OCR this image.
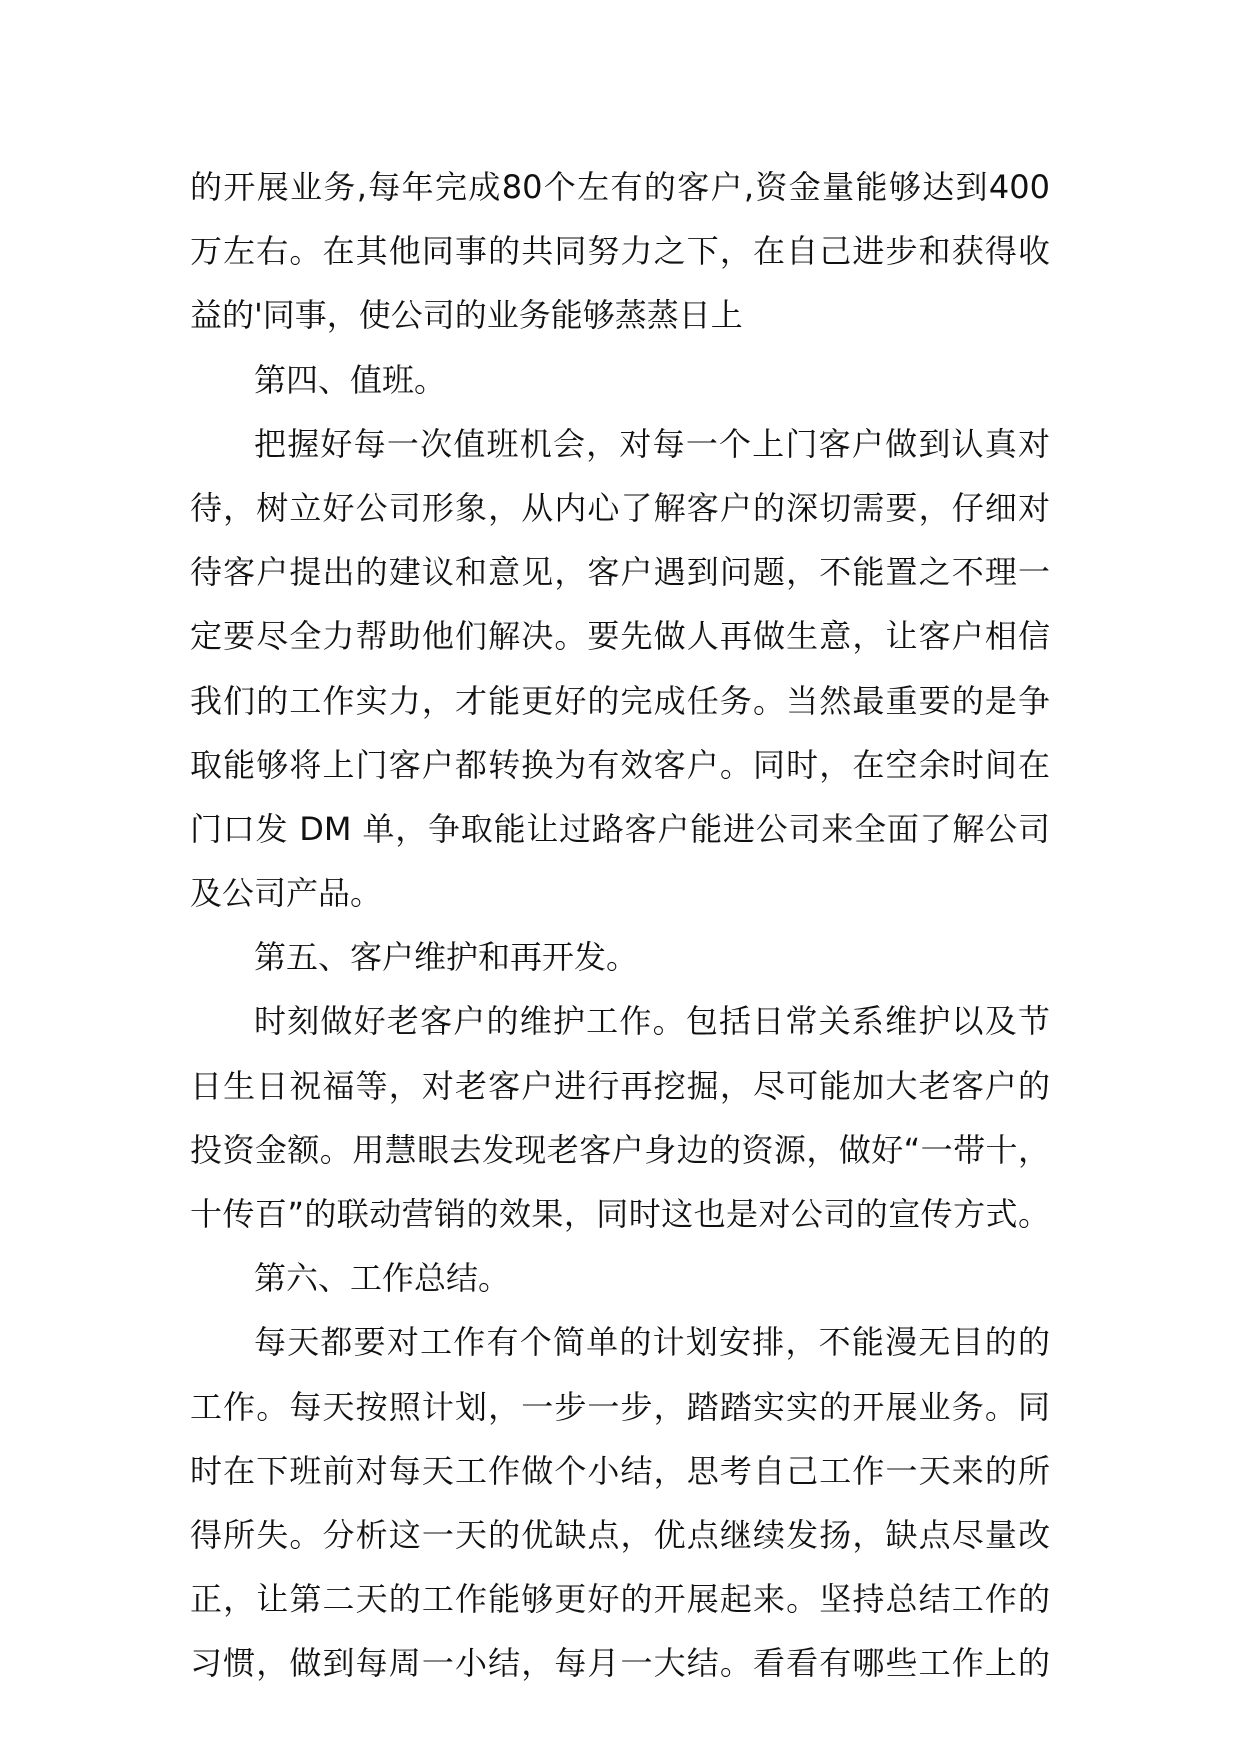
的开展业务,每年完成80个左有的客户,资金量能够达到400
万左右。在其他同事的共同努力之下，在自己进步和获得收
益的'同事，使公司的业务能够蒸蒸日上
第四、值班。
把握好每一次值班机会，对每一个上门客户做到认真对
待，树立好公司形象，从内心了解客户的深切需要，仔细对
待客户提出的建议和意见，客户遇到问题，不能置之不理一
定要尽全力帮助他们解决。要先做人再做生意，让客户相信
我们的工作实力，才能更好的完成任务。当然最重要的是争
取能够将上门客户都转换为有效客户。同时，在空余时间在
门口发 DM 单，争取能让过路客户能进公司来全面了解公司
及公司产品。
第五、客户维护和再开发。
时刻做好老客户的维护工作。包括日常关系维护以及节
日生日祝福等，对老客户进行再挖掘，尽可能加大老客户的
投资金额。用慧眼去发现老客户身边的资源，做好“一带十，
十传百”的联动营销的效果，同时这也是对公司的宣传方式。
第六、工作总结。
每天都要对工作有个简单的计划安排，不能漫无目的的
工作。每天按照计划，一步一步，踏踏实实的开展业务。同
时在下班前对每天工作做个小结，思考自己工作一天来的所
得所失。分析这一天的优缺点，优点继续发扬，缺点尽量改
正，让第二天的工作能够更好的开展起来。坚持总结工作的
习惯，做到每周一小结，每月一大结。看看有哪些工作上的
